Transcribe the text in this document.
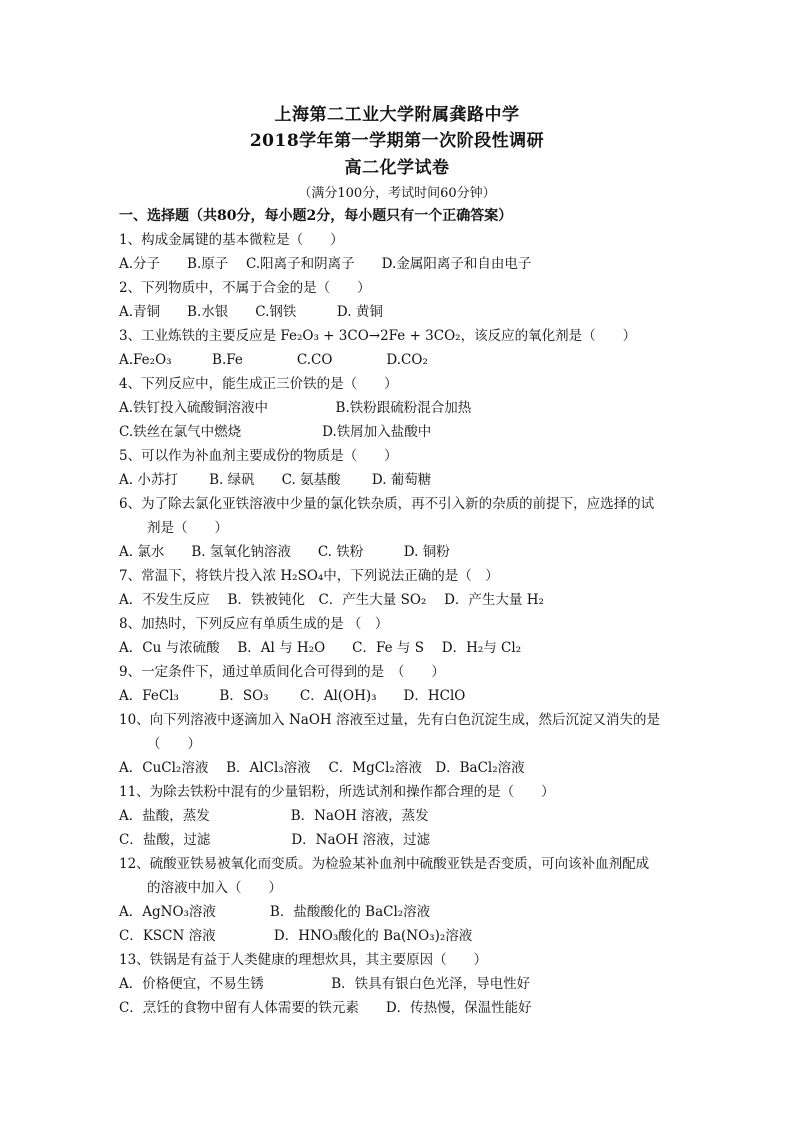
上海第二工业大学附属龚路中学
2018学年第一学期第一次阶段性调研
高二化学试卷
（满分100分，考试时间60分钟）
一、选择题（共80分，每小题2分，每小题只有一个正确答案）
1、构成金属键的基本微粒是（　　）
A.分子　　B.原子　 C.阳离子和阴离子　　D.金属阳离子和自由电子
2、下列物质中，不属于合金的是（　　）
A.青铜　　B.水银　　C.钢铁　　　D. 黄铜
3、工业炼铁的主要反应是 Fe₂O₃ + 3CO→2Fe + 3CO₂，该反应的氧化剂是（　　）
A.Fe₂O₃　　　B.Fe　　　　C.CO　　　　D.CO₂
4、下列反应中，能生成正三价铁的是（　　）
A.铁钉投入硫酸铜溶液中　　　　　B.铁粉跟硫粉混合加热
C.铁丝在氯气中燃烧　　　　　　D.铁屑加入盐酸中
5、可以作为补血剂主要成份的物质是（　　）
A. 小苏打　　 B. 绿矾　　C. 氨基酸　　 D. 葡萄糖
6、为了除去氯化亚铁溶液中少量的氯化铁杂质，再不引入新的杂质的前提下，应选择的试
剂是（　　）
A. 氯水　　B. 氢氧化钠溶液　　C. 铁粉　　　D. 铜粉
7、常温下，将铁片投入浓 H₂SO₄中，下列说法正确的是（　）
A．不发生反应　 B．铁被钝化　C．产生大量 SO₂　 D．产生大量 H₂
8、加热时，下列反应有单质生成的是 （　）
A．Cu 与浓硫酸　 B．Al 与 H₂O　　C．Fe 与 S　 D．H₂与 Cl₂
9、一定条件下，通过单质间化合可得到的是　（　　）
A．FeCl₃　　　B．SO₃　　 C．Al(OH)₃　　D．HClO
10、向下列溶液中逐滴加入 NaOH 溶液至过量，先有白色沉淀生成，然后沉淀又消失的是
（　　）
A．CuCl₂溶液　 B．AlCl₃溶液　 C．MgCl₂溶液　D．BaCl₂溶液
11、为除去铁粉中混有的少量铝粉，所选试剂和操作都合理的是（　　）
A．盐酸，蒸发　　　　　　B．NaOH 溶液，蒸发
C．盐酸，过滤　　　　　　D．NaOH 溶液，过滤
12、硫酸亚铁易被氧化而变质。为检验某补血剂中硫酸亚铁是否变质，可向该补血剂配成
的溶液中加入（　　）
A．AgNO₃溶液　　　　B．盐酸酸化的 BaCl₂溶液
C．KSCN 溶液　　　　 D．HNO₃酸化的 Ba(NO₃)₂溶液
13、铁锅是有益于人类健康的理想炊具，其主要原因（　　）
A．价格便宜，不易生锈　　　　　B．铁具有银白色光泽，导电性好
C．烹饪的食物中留有人体需要的铁元素　　D．传热慢，保温性能好
